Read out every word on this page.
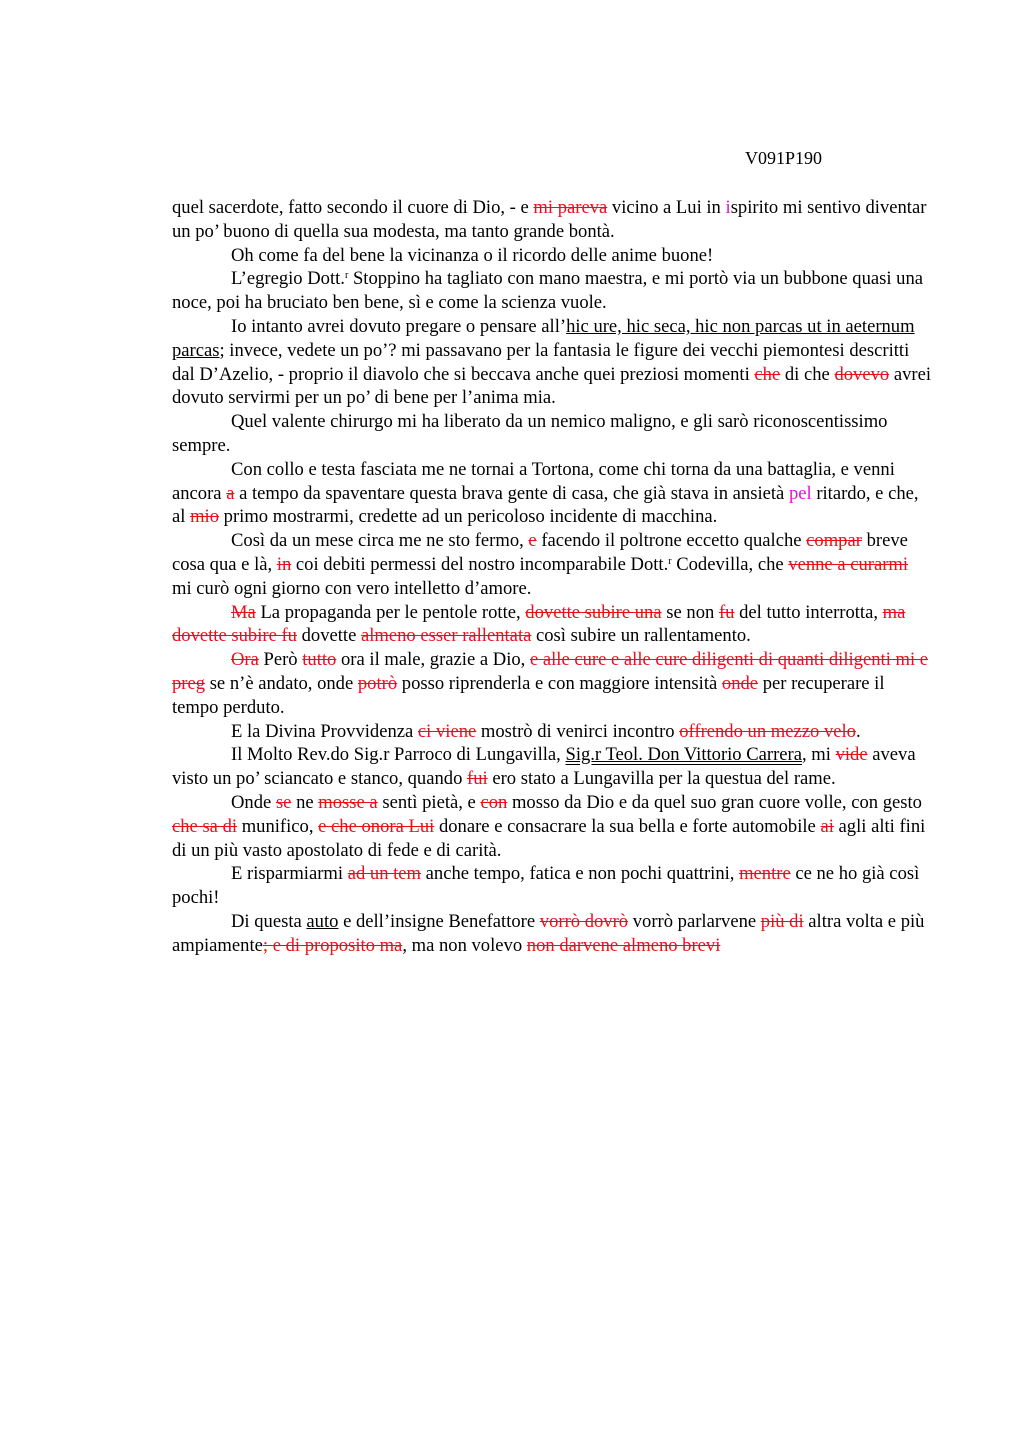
V091P190

quel sacerdote, fatto secondo il cuore di Dio, - e mi pareva vicino a Lui in ispirito mi sentivo diventar un po’ buono di quella sua modesta, ma tanto grande bontà.

Oh come fa del bene la vicinanza o il ricordo delle anime buone!

L’egregio Dott.$^r$ Stoppino ha tagliato con mano maestra, e mi portò via un bubbone quasi una noce, poi ha bruciato ben bene, sì e come la scienza vuole.

Io intanto avrei dovuto pregare o pensare all’hic ure, hic seca, hic non parcas ut in aeternum parcas; invece, vedete un po’? mi passavano per la fantasia le figure dei vecchi piemontesi descritti dal D’Azelio, - proprio il diavolo che si beccava anche quei preziosi momenti che di che dovevo avrei dovuto servirmi per un po’ di bene per l’anima mia.

Quel valente chirurgo mi ha liberato da un nemico maligno, e gli sarò riconoscentissimo sempre.

Con collo e testa fasciata me ne tornai a Tortona, come chi torna da una battaglia, e venni ancora a a tempo da spaventare questa brava gente di casa, che già stava in ansietà pel ritardo, e che, al mio primo mostrarmi, credette ad un pericoloso incidente di macchina.

Così da un mese circa me ne sto fermo, e facendo il poltrone eccetto qualche compar breve cosa qua e là, in coi debiti permessi del nostro incomparabile Dott.$^r$ Codevilla, che venne a curarmi mi curò ogni giorno con vero intelletto d’amore.

Ma La propaganda per le pentole rotte, dovette subire una se non fu del tutto interrotta, ma dovette subire fu dovette almeno esser rallentata così subire un rallentamento.

Ora Però tutto ora il male, grazie a Dio, e alle cure e alle cure diligenti di quanti diligenti mi e preg se n’è andato, onde potrò posso riprenderla e con maggiore intensità onde per recuperare il tempo perduto.

E la Divina Provvidenza ci viene mostrò di venirci incontro offrendo un mezzo velo.

Il Molto Rev.do Sig.r Parroco di Lungavilla, Sig.r Teol. Don Vittorio Carrera, mi vide aveva visto un po’ sciancato e stanco, quando fui ero stato a Lungavilla per la questua del rame.

Onde se ne mosse a sentì pietà, e con mosso da Dio e da quel suo gran cuore volle, con gesto che sa di munifico, e che onora Lui donare e consacrare la sua bella e forte automobile ai agli alti fini di un più vasto apostolato di fede e di carità.

E risparmiarmi ad un tem anche tempo, fatica e non pochi quattrini, mentre ce ne ho già così pochi!

Di questa auto e dell’insigne Benefattore vorrò dovrò vorrò parlarvene più di altra volta e più ampiamente; e di proposito ma, ma non volevo non darvene almeno brevi
